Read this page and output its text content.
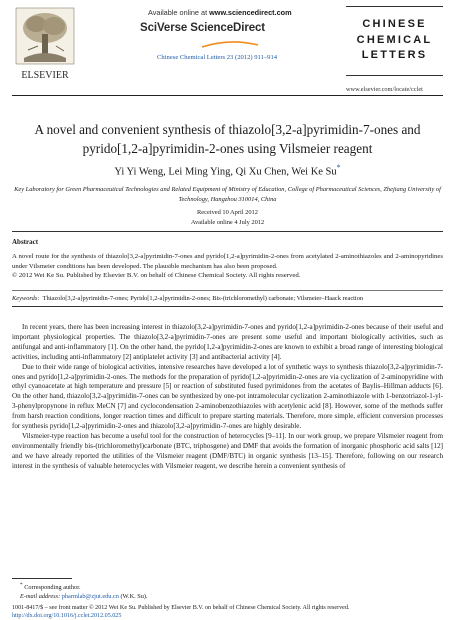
ELSEVIER
Available online at www.sciencedirect.com
SciVerse ScienceDirect
Chinese Chemical Letters 23 (2012) 911–914
CHINESE
CHEMICAL
LETTERS
www.elsevier.com/locate/cclet
A novel and convenient synthesis of thiazolo[3,2-a]pyrimidin-7-ones and pyrido[1,2-a]pyrimidin-2-ones using Vilsmeier reagent
Yi Yi Weng, Lei Ming Ying, Qi Xu Chen, Wei Ke Su*
Key Laboratory for Green Pharmaceutical Technologies and Related Equipment of Ministry of Education, College of Pharmaceutical Sciences, Zhejiang University of Technology, Hangzhou 310014, China
Received 10 April 2012
Available online 4 July 2012
Abstract
A novel route for the synthesis of thiazolo[3,2-a]pyrimidin-7-ones and pyrido[1,2-a]pyrimidin-2-ones from acetylated 2-aminothiazoles and 2-aminopyridines under Vilsmeier conditions has been developed. The plausible mechanism has also been proposed.
© 2012 Wei Ke Su. Published by Elsevier B.V. on behalf of Chinese Chemical Society. All rights reserved.
Keywords: Thiazolo[3,2-a]pyrimidin-7-ones; Pyrido[1,2-a]pyrimidin-2-ones; Bis-(trichloromethyl) carbonate; Vilsmeier–Haack reaction

In recent years, there has been increasing interest in thiazolo[3,2-a]pyrimidin-7-ones and pyrido[1,2-a]pyrimidin-2-ones because of their useful and important physiological properties. The thiazolo[3,2-a]pyrimidin-7-ones are present some useful and important biologically activities, such as antifungal and anti-inflammatory [1]. On the other hand, the pyrido[1,2-a]pyrimidin-2-ones are known to exhibit a broad range of interesting biological activities, including anti-inflammatory [2] antiplatelet activity [3] and antibacterial activity [4].

Due to their wide range of biological activities, intensive researches have developed a lot of synthetic ways to synthesis thiazolo[3,2-a]pyrimidin-7-ones and pyrido[1,2-a]pyrimidin-2-ones. The methods for the preparation of pyrido[1,2-a]pyrimidin-2-ones are via cyclization of 2-aminopyridine with ethyl cyanoacetate at high temperature and pressure [5] or reaction of substituted fused pyrimidones from the acetates of Baylis–Hillman adducts [6]. On the other hand, thiazolo[3,2-a]pyrimidin-7-ones can be synthesized by one-pot intramolecular cyclization 2-aminothiazole with 1-benzotriazol-1-yl-3-phenylpropynone in reflux MeCN [7] and cyclocondensation 2-aminobenzothiazoles with acetylenic acid [8]. However, some of the methods suffer from harsh reaction conditions, longer reaction times and difficult to prepare starting materials. Therefore, more simple, efficient conversion processes for synthesis pyrido[1,2-a]pyrimidin-2-ones and thiazolo[3,2-a]pyrimidin-7-ones are highly desirable.

Vilsmeier-type reaction has become a useful tool for the construction of heterocycles [9–11]. In our work group, we prepare Vilsmeier reagent from environmentally friendly bis-(trichloromethyl)carbonate (BTC, triphosgene) and DMF that avoids the formation of inorganic phosphoric acid salts [12] and we have already reported the utilities of the Vilsmeier reagent (DMF/BTC) in organic synthesis [13–15]. Therefore, following on our research interest in the synthesis of valuable heterocycles with Vilsmeier reagent, we describe herein a convenient synthesis of

* Corresponding author.
E-mail address: pharmlab@zjut.edu.cn (W.K. Su).
1001-8417/$ – see front matter © 2012 Wei Ke Su. Published by Elsevier B.V. on behalf of Chinese Chemical Society. All rights reserved.
http://dx.doi.org/10.1016/j.cclet.2012.05.025
